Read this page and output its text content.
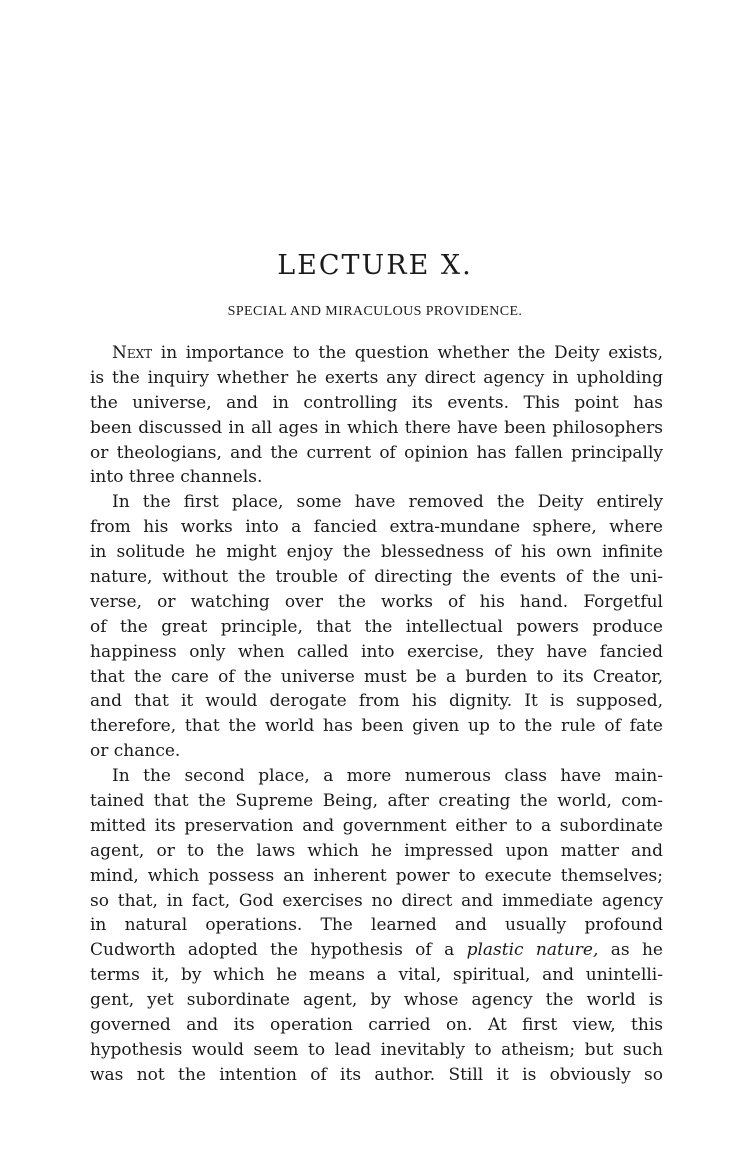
LECTURE X.
SPECIAL AND MIRACULOUS PROVIDENCE.
Next in importance to the question whether the Deity exists,
is the inquiry whether he exerts any direct agency in upholding
the universe, and in controlling its events. This point has
been discussed in all ages in which there have been philosophers
or theologians, and the current of opinion has fallen principally
into three channels.
In the first place, some have removed the Deity entirely
from his works into a fancied extra-mundane sphere, where
in solitude he might enjoy the blessedness of his own infinite
nature, without the trouble of directing the events of the uni-
verse, or watching over the works of his hand. Forgetful
of the great principle, that the intellectual powers produce
happiness only when called into exercise, they have fancied
that the care of the universe must be a burden to its Creator,
and that it would derogate from his dignity. It is supposed,
therefore, that the world has been given up to the rule of fate
or chance.
In the second place, a more numerous class have main-
tained that the Supreme Being, after creating the world, com-
mitted its preservation and government either to a subordinate
agent, or to the laws which he impressed upon matter and
mind, which possess an inherent power to execute themselves;
so that, in fact, God exercises no direct and immediate agency
in natural operations. The learned and usually profound
Cudworth adopted the hypothesis of a plastic nature, as he
terms it, by which he means a vital, spiritual, and unintelli-
gent, yet subordinate agent, by whose agency the world is
governed and its operation carried on. At first view, this
hypothesis would seem to lead inevitably to atheism; but such
was not the intention of its author. Still it is obviously so
